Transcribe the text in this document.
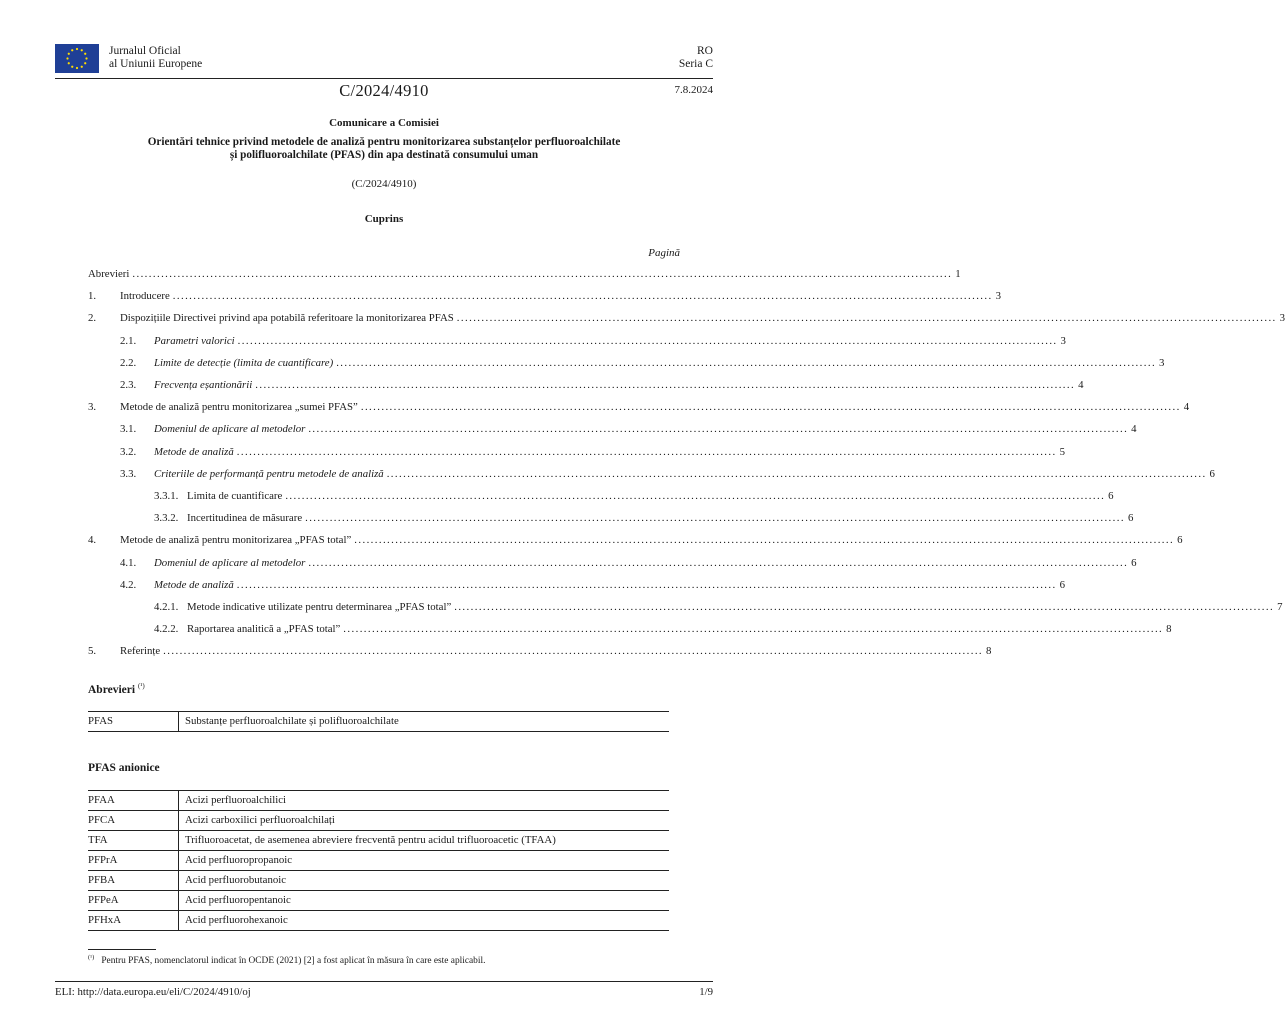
Jurnalul Oficial
al Uniunii Europene
RO
Seria C
C/2024/4910	7.8.2024
Comunicare a Comisiei
Orientări tehnice privind metodele de analiză pentru monitorizarea substanțelor perfluoroalchilate
și polifluoroalchilate (PFAS) din apa destinată consumului uman
(C/2024/4910)
Cuprins
Pagină
Abrevieri ........................................................................................................................................................................................................ 1
1.	Introducere ........................................................................................................................................................................................................ 3
2.	Dispozițiile Directivei privind apa potabilă referitoare la monitorizarea PFAS ........................................................................................................................................................................................................ 3
2.1.	Parametri valorici ........................................................................................................................................................................................................ 3
2.2.	Limite de detecție (limita de cuantificare) ........................................................................................................................................................................................................ 3
2.3.	Frecvența eșantionării ........................................................................................................................................................................................................ 4
3.	Metode de analiză pentru monitorizarea „sumei PFAS” ........................................................................................................................................................................................................ 4
3.1.	Domeniul de aplicare al metodelor ........................................................................................................................................................................................................ 4
3.2.	Metode de analiză ........................................................................................................................................................................................................ 5
3.3.	Criteriile de performanță pentru metodele de analiză ........................................................................................................................................................................................................ 6
3.3.1. Limita de cuantificare ........................................................................................................................................................................................................ 6
3.3.2. Incertitudinea de măsurare ........................................................................................................................................................................................................ 6
4.	Metode de analiză pentru monitorizarea „PFAS total” ........................................................................................................................................................................................................ 6
4.1.	Domeniul de aplicare al metodelor ........................................................................................................................................................................................................ 6
4.2.	Metode de analiză ........................................................................................................................................................................................................ 6
4.2.1. Metode indicative utilizate pentru determinarea „PFAS total” ........................................................................................................................................................................................................ 7
4.2.2. Raportarea analitică a „PFAS total” ........................................................................................................................................................................................................ 8
5.	Referințe ........................................................................................................................................................................................................ 8
Abrevieri $^{(^1)}$
PFAS	Substanțe perfluoroalchilate și polifluoroalchilate
PFAS anionice
PFAA	Acizi perfluoroalchilici
PFCA	Acizi carboxilici perfluoroalchilați
TFA	Trifluoroacetat, de asemenea abreviere frecventă pentru acidul trifluoroacetic (TFAA)
PFPrA	Acid perfluoropropanoic
PFBA	Acid perfluorobutanoic
PFPeA	Acid perfluoropentanoic
PFHxA	Acid perfluorohexanoic
$^{(^1)}$ Pentru PFAS, nomenclatorul indicat în OCDE (2021) [2] a fost aplicat în măsura în care este aplicabil.
ELI: http://data.europa.eu/eli/C/2024/4910/oj	1/9
